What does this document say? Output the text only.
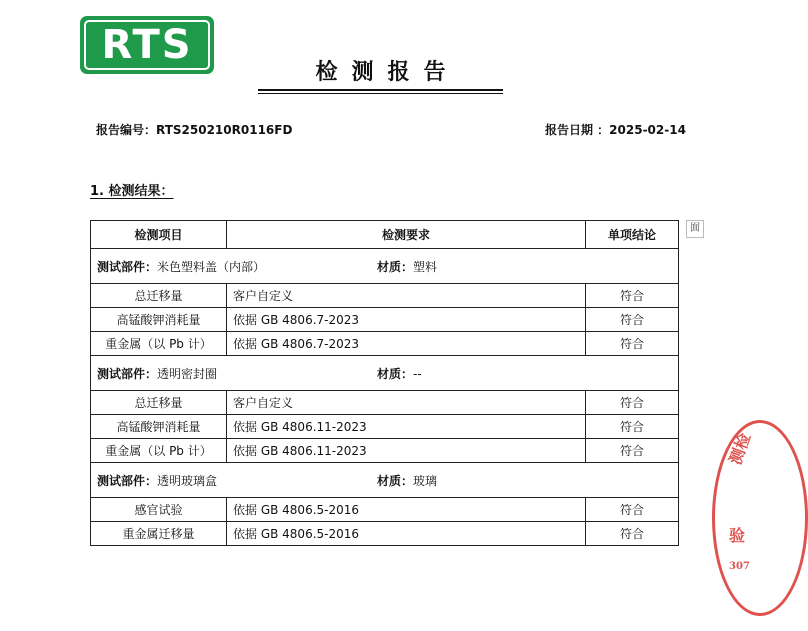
RTS
检测报告
报告编号：RTS250210R0116FD	报告日期 ：2025-02-14
1. 检测结果：
圎
检测项目	检测要求	单项结论
测试部件：米色塑料盖（内部） 材质：塑料		

总迁移量	客户自定义	符合
高锰酸钾消耗量	依据 GB 4806.7-2023	符合
重金属（以 Pb 计）	依据 GB 4806.7-2023	符合
测试部件：透明密封圈 材质：--		

总迁移量	客户自定义	符合
高锰酸钾消耗量	依据 GB 4806.11-2023	符合
重金属（以 Pb 计）	依据 GB 4806.11-2023	符合
测试部件：透明玻璃盒 材质：玻璃		

感官试验	依据 GB 4806.5-2016	符合
重金属迁移量	依据 GB 4806.5-2016	符合
测检
验
307
